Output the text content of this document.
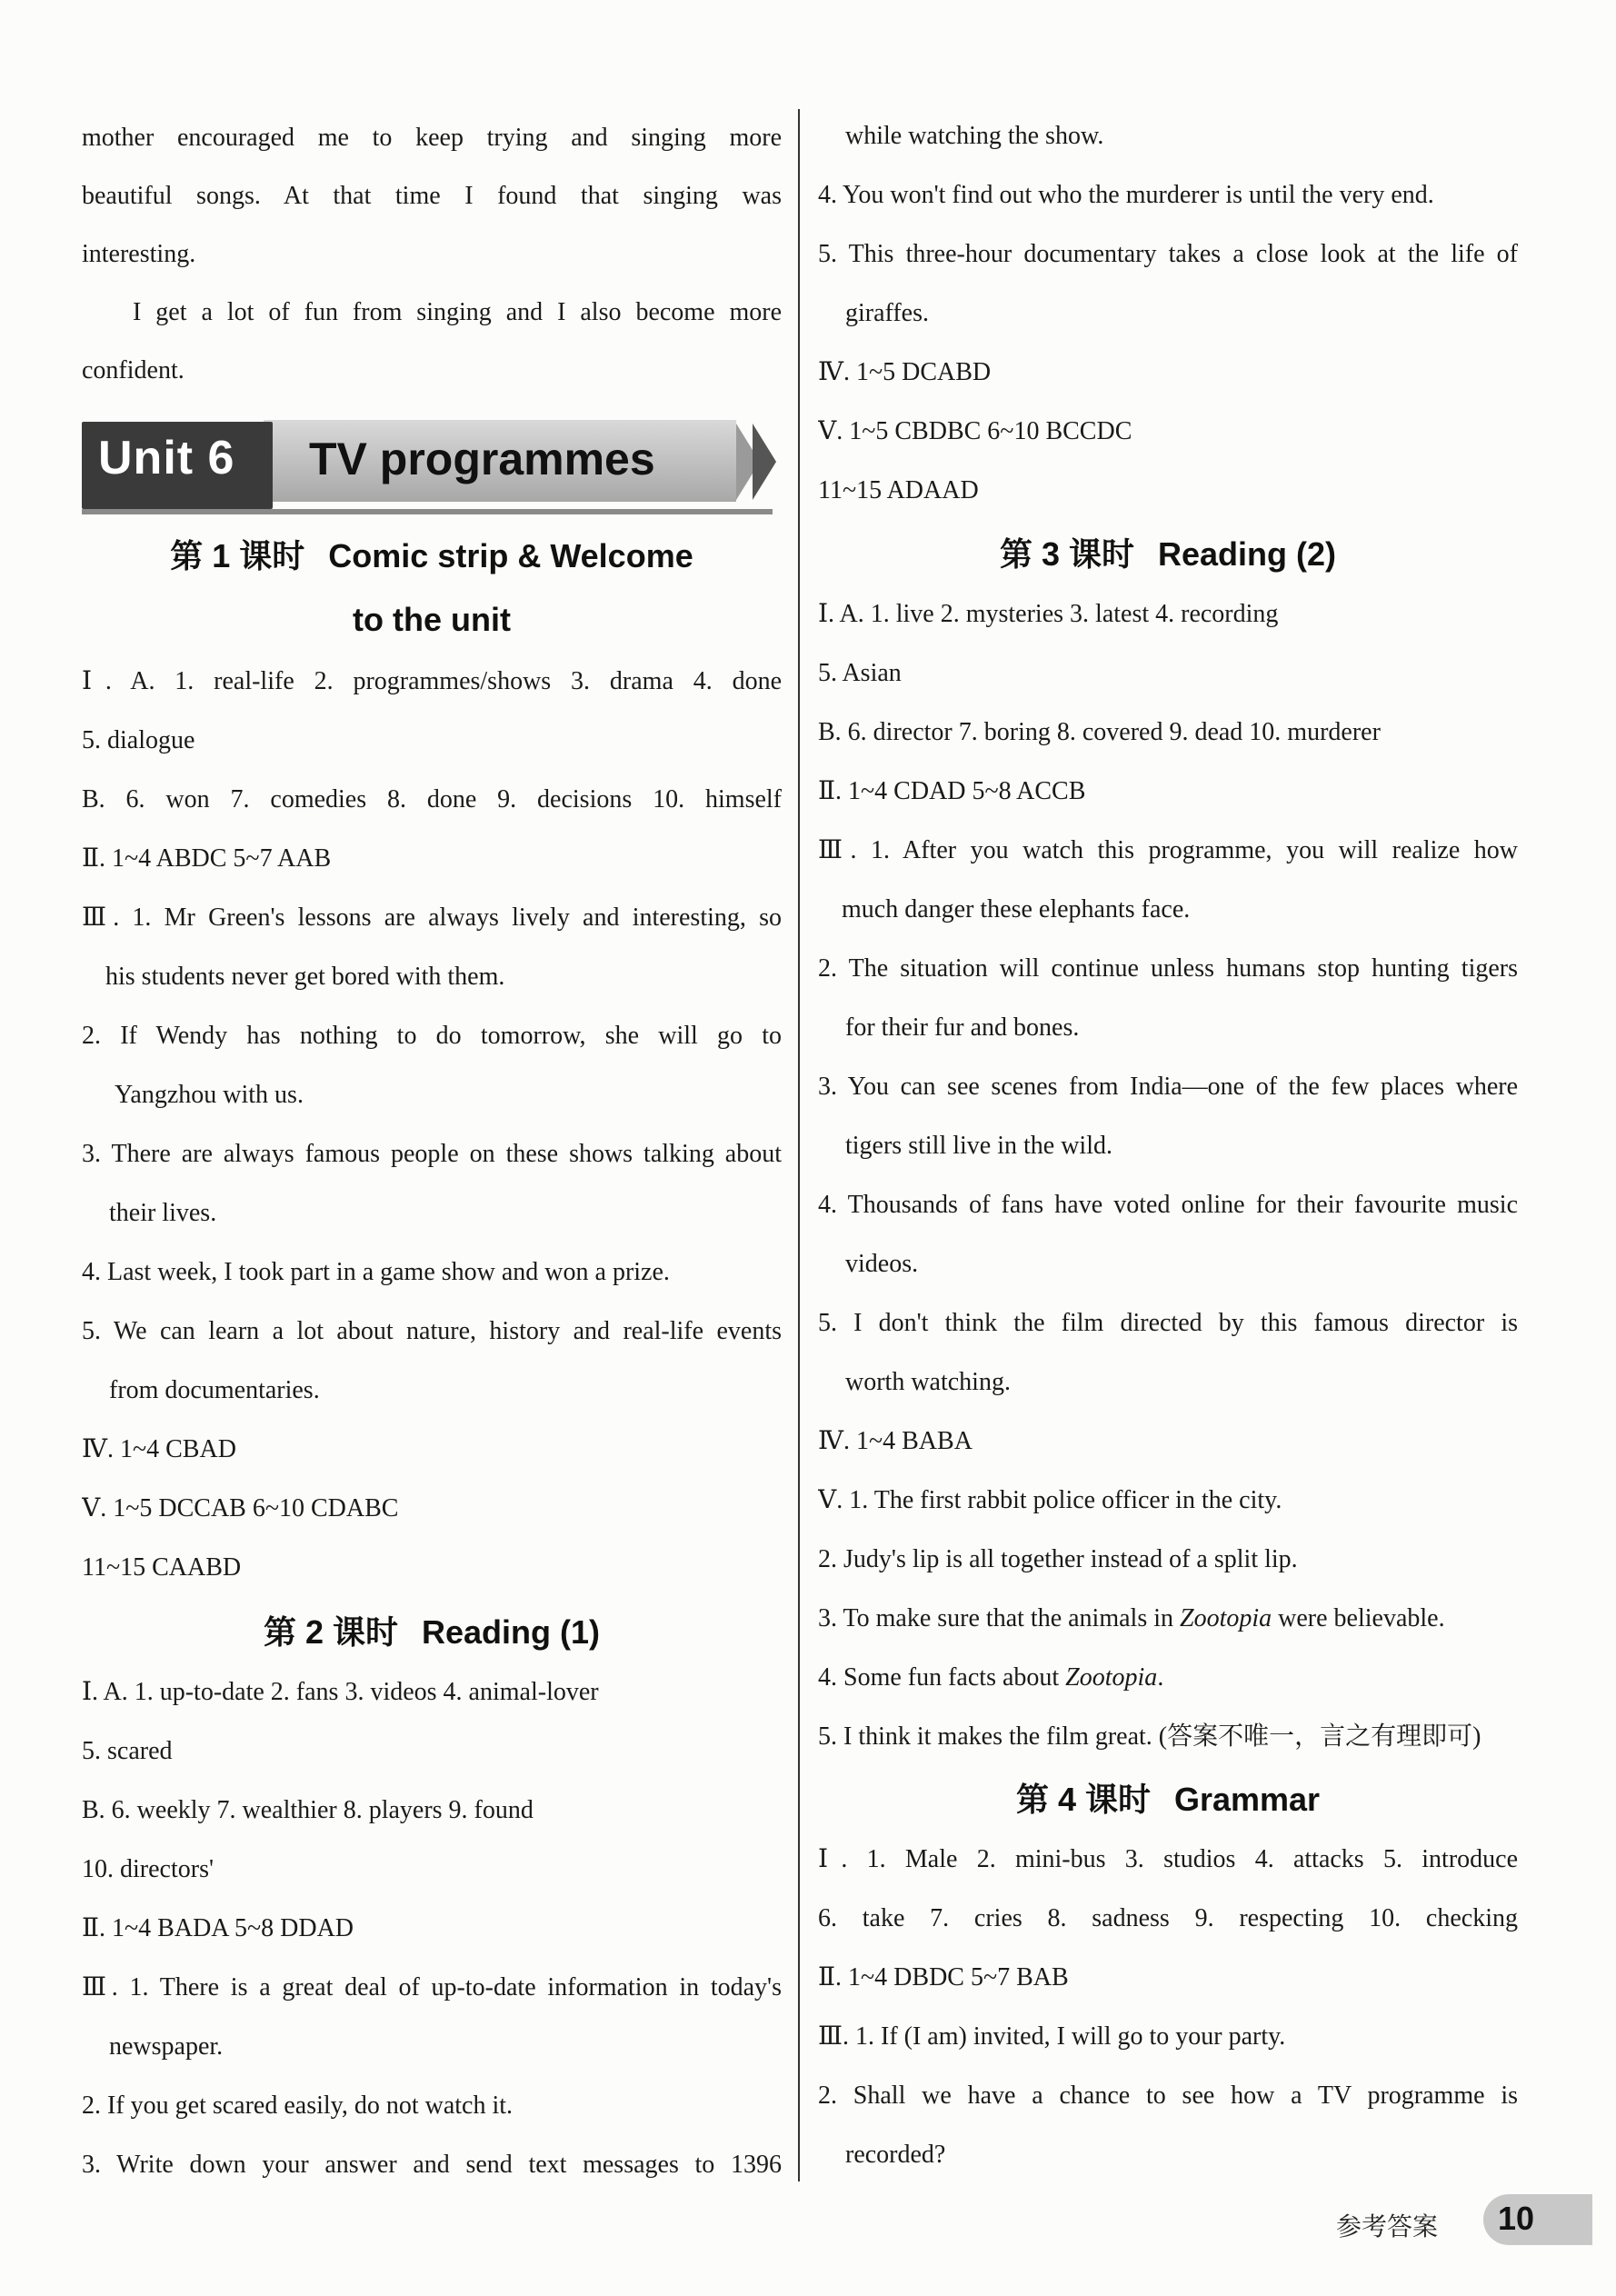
mother encouraged me to keep trying and singing more
beautiful songs. At that time I found that singing was
interesting.
I get a lot of fun from singing and I also become more
confident.
Unit 6 TV programmes
第 1 课时 Comic strip & Welcome
to the unit
Ⅰ. A. 1. real-life 2. programmes/shows 3. drama 4. done
5. dialogue
B. 6. won 7. comedies 8. done 9. decisions 10. himself
Ⅱ. 1~4 ABDC 5~7 AAB
Ⅲ. 1. Mr Green's lessons are always lively and interesting, so
his students never get bored with them.
2. If Wendy has nothing to do tomorrow, she will go to
Yangzhou with us.
3. There are always famous people on these shows talking about
their lives.
4. Last week, I took part in a game show and won a prize.
5. We can learn a lot about nature, history and real-life events
from documentaries.
Ⅳ. 1~4 CBAD
Ⅴ. 1~5 DCCAB 6~10 CDABC
11~15 CAABD
第 2 课时 Reading (1)
Ⅰ. A. 1. up-to-date 2. fans 3. videos 4. animal-lover
5. scared
B. 6. weekly 7. wealthier 8. players 9. found
10. directors'
Ⅱ. 1~4 BADA 5~8 DDAD
Ⅲ. 1. There is a great deal of up-to-date information in today's
newspaper.
2. If you get scared easily, do not watch it.
3. Write down your answer and send text messages to 1396
while watching the show.
4. You won't find out who the murderer is until the very end.
5. This three-hour documentary takes a close look at the life of
giraffes.
Ⅳ. 1~5 DCABD
Ⅴ. 1~5 CBDBC 6~10 BCCDC
11~15 ADAAD
第 3 课时 Reading (2)
Ⅰ. A. 1. live 2. mysteries 3. latest 4. recording
5. Asian
B. 6. director 7. boring 8. covered 9. dead 10. murderer
Ⅱ. 1~4 CDAD 5~8 ACCB
Ⅲ. 1. After you watch this programme, you will realize how
much danger these elephants face.
2. The situation will continue unless humans stop hunting tigers
for their fur and bones.
3. You can see scenes from India—one of the few places where
tigers still live in the wild.
4. Thousands of fans have voted online for their favourite music
videos.
5. I don't think the film directed by this famous director is
worth watching.
Ⅳ. 1~4 BABA
Ⅴ. 1. The first rabbit police officer in the city.
2. Judy's lip is all together instead of a split lip.
3. To make sure that the animals in Zootopia were believable.
4. Some fun facts about Zootopia.
5. I think it makes the film great. (答案不唯一，言之有理即可)
第 4 课时 Grammar
Ⅰ. 1. Male 2. mini-bus 3. studios 4. attacks 5. introduce
6. take 7. cries 8. sadness 9. respecting 10. checking
Ⅱ. 1~4 DBDC 5~7 BAB
Ⅲ. 1. If (I am) invited, I will go to your party.
2. Shall we have a chance to see how a TV programme is
recorded?
参考答案 10
